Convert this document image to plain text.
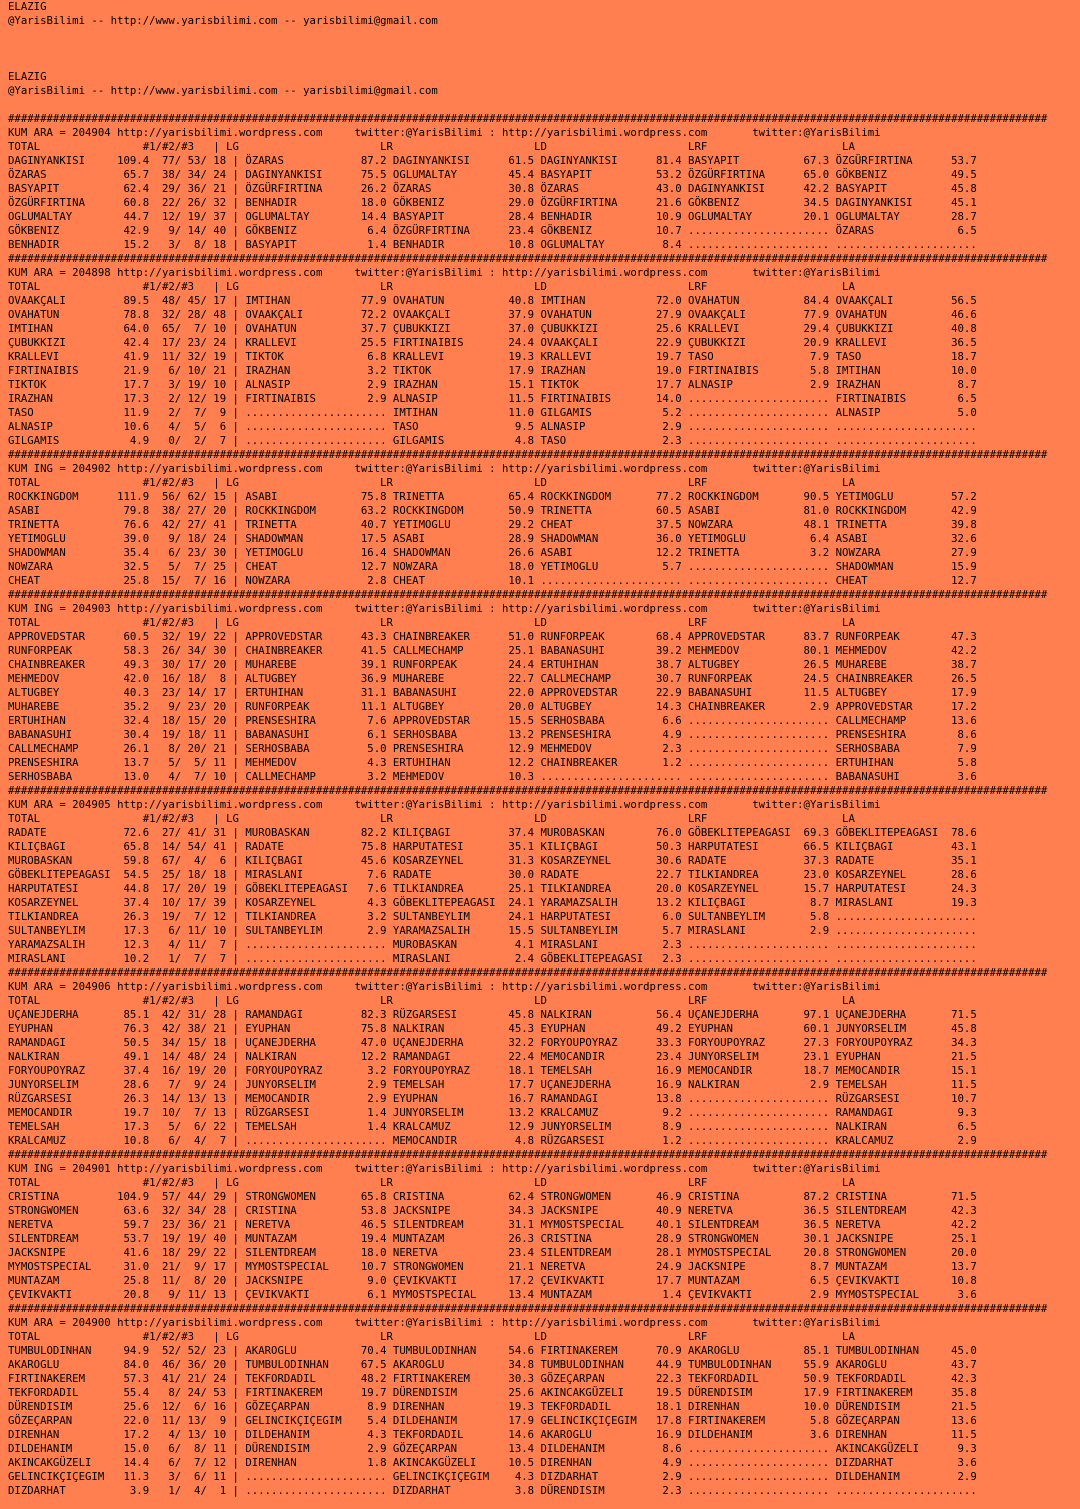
ELAZIG
@YarisBilimi -- http://www.yarisbilimi.com -- yarisbilimi@gmail.com
ELAZIG
@YarisBilimi -- http://www.yarisbilimi.com -- yarisbilimi@gmail.com
##################################################################################################################################################################
KUM ARA = 204904 http://yarisbilimi.wordpress.com     twitter:@YarisBilimi : http://yarisbilimi.wordpress.com       twitter:@YarisBilimi
TOTAL                #1/#2/#3   | LG                      LR                      LD                      LRF                     LA
DAGINYANKISI     109.4  77/ 53/ 18 | ÖZARAS            87.2 DAGINYANKISI      61.5 DAGINYANKISI      81.4 BASYAPIT          67.3 ÖZGÜRFIRTINA      53.7
ÖZARAS            65.7  38/ 34/ 24 | DAGINYANKISI      75.5 OGLUMALTAY        45.4 BASYAPIT          53.2 ÖZGÜRFIRTINA      65.0 GÖKBENIZ          49.5
BASYAPIT          62.4  29/ 36/ 21 | ÖZGÜRFIRTINA      26.2 ÖZARAS            30.8 ÖZARAS            43.0 DAGINYANKISI      42.2 BASYAPIT          45.8
ÖZGÜRFIRTINA      60.8  22/ 26/ 32 | BENHADIR          18.0 GÖKBENIZ          29.0 ÖZGÜRFIRTINA      21.6 GÖKBENIZ          34.5 DAGINYANKISI      45.1
OGLUMALTAY        44.7  12/ 19/ 37 | OGLUMALTAY        14.4 BASYAPIT          28.4 BENHADIR          10.9 OGLUMALTAY        20.1 OGLUMALTAY        28.7
GÖKBENIZ          42.9   9/ 14/ 40 | GÖKBENIZ           6.4 ÖZGÜRFIRTINA      23.4 GÖKBENIZ          10.7 ...................... ÖZARAS             6.5
BENHADIR          15.2   3/  8/ 18 | BASYAPIT           1.4 BENHADIR          10.8 OGLUMALTAY         8.4 ...................... ......................
##################################################################################################################################################################
KUM ARA = 204898 http://yarisbilimi.wordpress.com     twitter:@YarisBilimi : http://yarisbilimi.wordpress.com       twitter:@YarisBilimi
TOTAL                #1/#2/#3   | LG                      LR                      LD                      LRF                     LA
OVAAKÇALI         89.5  48/ 45/ 17 | IMTIHAN           77.9 OVAHATUN          40.8 IMTIHAN           72.0 OVAHATUN          84.4 OVAAKÇALI         56.5
OVAHATUN          78.8  32/ 28/ 48 | OVAAKÇALI         72.2 OVAAKÇALI         37.9 OVAHATUN          27.9 OVAAKÇALI         77.9 OVAHATUN          46.6
IMTIHAN           64.0  65/  7/ 10 | OVAHATUN          37.7 ÇUBUKKIZI         37.0 ÇUBUKKIZI         25.6 KRALLEVI          29.4 ÇUBUKKIZI         40.8
ÇUBUKKIZI         42.4  17/ 23/ 24 | KRALLEVI          25.5 FIRTINAIBIS       24.4 OVAAKÇALI         22.9 ÇUBUKKIZI         20.9 KRALLEVI          36.5
KRALLEVI          41.9  11/ 32/ 19 | TIKTOK             6.8 KRALLEVI          19.3 KRALLEVI          19.7 TASO               7.9 TASO              18.7
FIRTINAIBIS       21.9   6/ 10/ 21 | IRAZHAN            3.2 TIKTOK            17.9 IRAZHAN           19.0 FIRTINAIBIS        5.8 IMTIHAN           10.0
TIKTOK            17.7   3/ 19/ 10 | ALNASIP            2.9 IRAZHAN           15.1 TIKTOK            17.7 ALNASIP            2.9 IRAZHAN            8.7
IRAZHAN           17.3   2/ 12/ 19 | FIRTINAIBIS        2.9 ALNASIP           11.5 FIRTINAIBIS       14.0 ...................... FIRTINAIBIS        6.5
TASO              11.9   2/  7/  9 | ...................... IMTIHAN           11.0 GILGAMIS           5.2 ...................... ALNASIP            5.0
ALNASIP           10.6   4/  5/  6 | ...................... TASO               9.5 ALNASIP            2.9 ...................... ......................
GILGAMIS           4.9   0/  2/  7 | ...................... GILGAMIS           4.8 TASO               2.3 ...................... ......................
##################################################################################################################################################################
KUM ING = 204902 http://yarisbilimi.wordpress.com     twitter:@YarisBilimi : http://yarisbilimi.wordpress.com       twitter:@YarisBilimi
TOTAL                #1/#2/#3   | LG                      LR                      LD                      LRF                     LA
ROCKKINGDOM      111.9  56/ 62/ 15 | ASABI             75.8 TRINETTA          65.4 ROCKKINGDOM       77.2 ROCKKINGDOM       90.5 YETIMOGLU         57.2
ASABI             79.8  38/ 27/ 20 | ROCKKINGDOM       63.2 ROCKKINGDOM       50.9 TRINETTA          60.5 ASABI             81.0 ROCKKINGDOM       42.9
TRINETTA          76.6  42/ 27/ 41 | TRINETTA          40.7 YETIMOGLU         29.2 CHEAT             37.5 NOWZARA           48.1 TRINETTA          39.8
YETIMOGLU         39.0   9/ 18/ 24 | SHADOWMAN         17.5 ASABI             28.9 SHADOWMAN         36.0 YETIMOGLU          6.4 ASABI             32.6
SHADOWMAN         35.4   6/ 23/ 30 | YETIMOGLU         16.4 SHADOWMAN         26.6 ASABI             12.2 TRINETTA           3.2 NOWZARA           27.9
NOWZARA           32.5   5/  7/ 25 | CHEAT             12.7 NOWZARA           18.0 YETIMOGLU          5.7 ...................... SHADOWMAN         15.9
CHEAT             25.8  15/  7/ 16 | NOWZARA            2.8 CHEAT             10.1 ...................... ...................... CHEAT             12.7
##################################################################################################################################################################
KUM ING = 204903 http://yarisbilimi.wordpress.com     twitter:@YarisBilimi : http://yarisbilimi.wordpress.com       twitter:@YarisBilimi
TOTAL                #1/#2/#3   | LG                      LR                      LD                      LRF                     LA
APPROVEDSTAR      60.5  32/ 19/ 22 | APPROVEDSTAR      43.3 CHAINBREAKER      51.0 RUNFORPEAK        68.4 APPROVEDSTAR      83.7 RUNFORPEAK        47.3
RUNFORPEAK        58.3  26/ 34/ 30 | CHAINBREAKER      41.5 CALLMECHAMP       25.1 BABANASUHI        39.2 MEHMEDOV          80.1 MEHMEDOV          42.2
CHAINBREAKER      49.3  30/ 17/ 20 | MUHAREBE          39.1 RUNFORPEAK        24.4 ERTUHIHAN         38.7 ALTUGBEY          26.5 MUHAREBE          38.7
MEHMEDOV          42.0  16/ 18/  8 | ALTUGBEY          36.9 MUHAREBE          22.7 CALLMECHAMP       30.7 RUNFORPEAK        24.5 CHAINBREAKER      26.5
ALTUGBEY          40.3  23/ 14/ 17 | ERTUHIHAN         31.1 BABANASUHI        22.0 APPROVEDSTAR      22.9 BABANASUHI        11.5 ALTUGBEY          17.9
MUHAREBE          35.2   9/ 23/ 20 | RUNFORPEAK        11.1 ALTUGBEY          20.0 ALTUGBEY          14.3 CHAINBREAKER       2.9 APPROVEDSTAR      17.2
ERTUHIHAN         32.4  18/ 15/ 20 | PRENSESHIRA        7.6 APPROVEDSTAR      15.5 SERHOSBABA         6.6 ...................... CALLMECHAMP       13.6
BABANASUHI        30.4  19/ 18/ 11 | BABANASUHI         6.1 SERHOSBABA        13.2 PRENSESHIRA        4.9 ...................... PRENSESHIRA        8.6
CALLMECHAMP       26.1   8/ 20/ 21 | SERHOSBABA         5.0 PRENSESHIRA       12.9 MEHMEDOV           2.3 ...................... SERHOSBABA         7.9
PRENSESHIRA       13.7   5/  5/ 11 | MEHMEDOV           4.3 ERTUHIHAN         12.2 CHAINBREAKER       1.2 ...................... ERTUHIHAN          5.8
SERHOSBABA        13.0   4/  7/ 10 | CALLMECHAMP        3.2 MEHMEDOV          10.3 ...................... ...................... BABANASUHI         3.6
##################################################################################################################################################################
KUM ARA = 204905 http://yarisbilimi.wordpress.com     twitter:@YarisBilimi : http://yarisbilimi.wordpress.com       twitter:@YarisBilimi
TOTAL                #1/#2/#3   | LG                      LR                      LD                      LRF                     LA
RADATE            72.6  27/ 41/ 31 | MUROBASKAN        82.2 KILIÇBAGI         37.4 MUROBASKAN        76.0 GÖBEKLITEPEAGASI  69.3 GÖBEKLITEPEAGASI  78.6
KILIÇBAGI         65.8  14/ 54/ 41 | RADATE            75.8 HARPUTATESI       35.1 KILIÇBAGI         50.3 HARPUTATESI       66.5 KILIÇBAGI         43.1
MUROBASKAN        59.8  67/  4/  6 | KILIÇBAGI         45.6 KOSARZEYNEL       31.3 KOSARZEYNEL       30.6 RADATE            37.3 RADATE            35.1
GÖBEKLITEPEAGASI  54.5  25/ 18/ 18 | MIRASLANI          7.6 RADATE            30.0 RADATE            22.7 TILKIANDREA       23.0 KOSARZEYNEL       28.6
HARPUTATESI       44.8  17/ 20/ 19 | GÖBEKLITEPEAGASI   7.6 TILKIANDREA       25.1 TILKIANDREA       20.0 KOSARZEYNEL       15.7 HARPUTATESI       24.3
KOSARZEYNEL       37.4  10/ 17/ 39 | KOSARZEYNEL        4.3 GÖBEKLITEPEAGASI  24.1 YARAMAZSALIH      13.2 KILIÇBAGI          8.7 MIRASLANI         19.3
TILKIANDREA       26.3  19/  7/ 12 | TILKIANDREA        3.2 SULTANBEYLIM      24.1 HARPUTATESI        6.0 SULTANBEYLIM       5.8 ......................
SULTANBEYLIM      17.3   6/ 11/ 10 | SULTANBEYLIM       2.9 YARAMAZSALIH      15.5 SULTANBEYLIM       5.7 MIRASLANI          2.9 ......................
YARAMAZSALIH      12.3   4/ 11/  7 | ...................... MUROBASKAN         4.1 MIRASLANI          2.3 ...................... ......................
MIRASLANI         10.2   1/  7/  7 | ...................... MIRASLANI          2.4 GÖBEKLITEPEAGASI   2.3 ...................... ......................
##################################################################################################################################################################
KUM ARA = 204906 http://yarisbilimi.wordpress.com     twitter:@YarisBilimi : http://yarisbilimi.wordpress.com       twitter:@YarisBilimi
TOTAL                #1/#2/#3   | LG                      LR                      LD                      LRF                     LA
UÇANEJDERHA       85.1  42/ 31/ 28 | RAMANDAGI         82.3 RÜZGARSESI        45.8 NALKIRAN          56.4 UÇANEJDERHA       97.1 UÇANEJDERHA       71.5
EYUPHAN           76.3  42/ 38/ 21 | EYUPHAN           75.8 NALKIRAN          45.3 EYUPHAN           49.2 EYUPHAN           60.1 JUNYORSELIM       45.8
RAMANDAGI         50.5  34/ 15/ 18 | UÇANEJDERHA       47.0 UÇANEJDERHA       32.2 FORYOUPOYRAZ      33.3 FORYOUPOYRAZ      27.3 FORYOUPOYRAZ      34.3
NALKIRAN          49.1  14/ 48/ 24 | NALKIRAN          12.2 RAMANDAGI         22.4 MEMOCANDIR        23.4 JUNYORSELIM       23.1 EYUPHAN           21.5
FORYOUPOYRAZ      37.4  16/ 19/ 20 | FORYOUPOYRAZ       3.2 FORYOUPOYRAZ      18.1 TEMELSAH          16.9 MEMOCANDIR        18.7 MEMOCANDIR        15.1
JUNYORSELIM       28.6   7/  9/ 24 | JUNYORSELIM        2.9 TEMELSAH          17.7 UÇANEJDERHA       16.9 NALKIRAN           2.9 TEMELSAH          11.5
RÜZGARSESI        26.3  14/ 13/ 13 | MEMOCANDIR         2.9 EYUPHAN           16.7 RAMANDAGI         13.8 ...................... RÜZGARSESI        10.7
MEMOCANDIR        19.7  10/  7/ 13 | RÜZGARSESI         1.4 JUNYORSELIM       13.2 KRALCAMUZ          9.2 ...................... RAMANDAGI          9.3
TEMELSAH          17.3   5/  6/ 22 | TEMELSAH           1.4 KRALCAMUZ         12.9 JUNYORSELIM        8.9 ...................... NALKIRAN           6.5
KRALCAMUZ         10.8   6/  4/  7 | ...................... MEMOCANDIR         4.8 RÜZGARSESI         1.2 ...................... KRALCAMUZ          2.9
##################################################################################################################################################################
KUM ING = 204901 http://yarisbilimi.wordpress.com     twitter:@YarisBilimi : http://yarisbilimi.wordpress.com       twitter:@YarisBilimi
TOTAL                #1/#2/#3   | LG                      LR                      LD                      LRF                     LA
CRISTINA         104.9  57/ 44/ 29 | STRONGWOMEN       65.8 CRISTINA          62.4 STRONGWOMEN       46.9 CRISTINA          87.2 CRISTINA          71.5
STRONGWOMEN       63.6  32/ 34/ 28 | CRISTINA          53.8 JACKSNIPE         34.3 JACKSNIPE         40.9 NERETVA           36.5 SILENTDREAM       42.3
NERETVA           59.7  23/ 36/ 21 | NERETVA           46.5 SILENTDREAM       31.1 MYMOSTSPECIAL     40.1 SILENTDREAM       36.5 NERETVA           42.2
SILENTDREAM       53.7  19/ 19/ 40 | MUNTAZAM          19.4 MUNTAZAM          26.3 CRISTINA          28.9 STRONGWOMEN       30.1 JACKSNIPE         25.1
JACKSNIPE         41.6  18/ 29/ 22 | SILENTDREAM       18.0 NERETVA           23.4 SILENTDREAM       28.1 MYMOSTSPECIAL     20.8 STRONGWOMEN       20.0
MYMOSTSPECIAL     31.0  21/  9/ 17 | MYMOSTSPECIAL     10.7 STRONGWOMEN       21.1 NERETVA           24.9 JACKSNIPE          8.7 MUNTAZAM          13.7
MUNTAZAM          25.8  11/  8/ 20 | JACKSNIPE          9.0 ÇEVIKVAKTI        17.2 ÇEVIKVAKTI        17.7 MUNTAZAM           6.5 ÇEVIKVAKTI        10.8
ÇEVIKVAKTI        20.8   9/ 11/ 13 | ÇEVIKVAKTI         6.1 MYMOSTSPECIAL     13.4 MUNTAZAM           1.4 ÇEVIKVAKTI         2.9 MYMOSTSPECIAL      3.6
##################################################################################################################################################################
KUM ARA = 204900 http://yarisbilimi.wordpress.com     twitter:@YarisBilimi : http://yarisbilimi.wordpress.com       twitter:@YarisBilimi
TOTAL                #1/#2/#3   | LG                      LR                      LD                      LRF                     LA
TUMBULODINHAN     94.9  52/ 52/ 23 | AKAROGLU          70.4 TUMBULODINHAN     54.6 FIRTINAKEREM      70.9 AKAROGLU          85.1 TUMBULODINHAN     45.0
AKAROGLU          84.0  46/ 36/ 20 | TUMBULODINHAN     67.5 AKAROGLU          34.8 TUMBULODINHAN     44.9 TUMBULODINHAN     55.9 AKAROGLU          43.7
FIRTINAKEREM      57.3  41/ 21/ 24 | TEKFORDADIL       48.2 FIRTINAKEREM      30.3 GÖZEÇARPAN        22.3 TEKFORDADIL       50.9 TEKFORDADIL       42.3
TEKFORDADIL       55.4   8/ 24/ 53 | FIRTINAKEREM      19.7 DÜRENDISIM        25.6 AKINCAKGÜZELI     19.5 DÜRENDISIM        17.9 FIRTINAKEREM      35.8
DÜRENDISIM        25.6  12/  6/ 16 | GÖZEÇARPAN         8.9 DIRENHAN          19.3 TEKFORDADIL       18.1 DIRENHAN          10.0 DÜRENDISIM        21.5
GÖZEÇARPAN        22.0  11/ 13/  9 | GELINCIKÇIÇEGIM    5.4 DILDEHANIM        17.9 GELINCIKÇIÇEGIM   17.8 FIRTINAKEREM       5.8 GÖZEÇARPAN        13.6
DIRENHAN          17.2   4/ 13/ 10 | DILDEHANIM         4.3 TEKFORDADIL       14.6 AKAROGLU          16.9 DILDEHANIM         3.6 DIRENHAN          11.5
DILDEHANIM        15.0   6/  8/ 11 | DÜRENDISIM         2.9 GÖZEÇARPAN        13.4 DILDEHANIM         8.6 ...................... AKINCAKGÜZELI      9.3
AKINCAKGÜZELI     14.4   6/  7/ 12 | DIRENHAN           1.8 AKINCAKGÜZELI     10.5 DIRENHAN           4.9 ...................... DIZDARHAT          3.6
GELINCIKÇIÇEGIM   11.3   3/  6/ 11 | ...................... GELINCIKÇIÇEGIM    4.3 DIZDARHAT          2.9 ...................... DILDEHANIM         2.9
DIZDARHAT          3.9   1/  4/  1 | ...................... DIZDARHAT          3.8 DÜRENDISIM         2.3 ...................... ......................
